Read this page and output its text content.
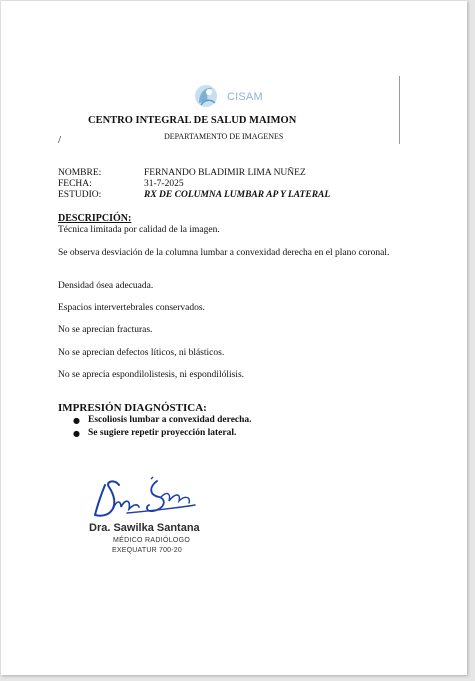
CISAM
CENTRO INTEGRAL DE SALUD MAIMON
/	DEPARTAMENTO DE IMAGENES
NOMBRE:	FERNANDO BLADIMIR LIMA NUÑEZ
FECHA:	31-7-2025
ESTUDIO:	RX DE COLUMNA LUMBAR AP Y LATERAL
DESCRIPCIÓN:
Técnica limitada por calidad de la imagen.
Se observa desviación de la columna lumbar a convexidad derecha en el plano coronal.
Densidad ósea adecuada.
Espacios intervertebrales conservados.
No se aprecian fracturas.
No se aprecian defectos líticos, ni blásticos.
No se aprecia espondilolistesis, ni espondilólisis.
IMPRESIÓN DIAGNÓSTICA:
● Escoliosis lumbar a convexidad derecha.
● Se sugiere repetir proyección lateral.
Dra. Sawilka Santana
MÉDICO RADIÓLOGO
EXEQUATUR 700-20
